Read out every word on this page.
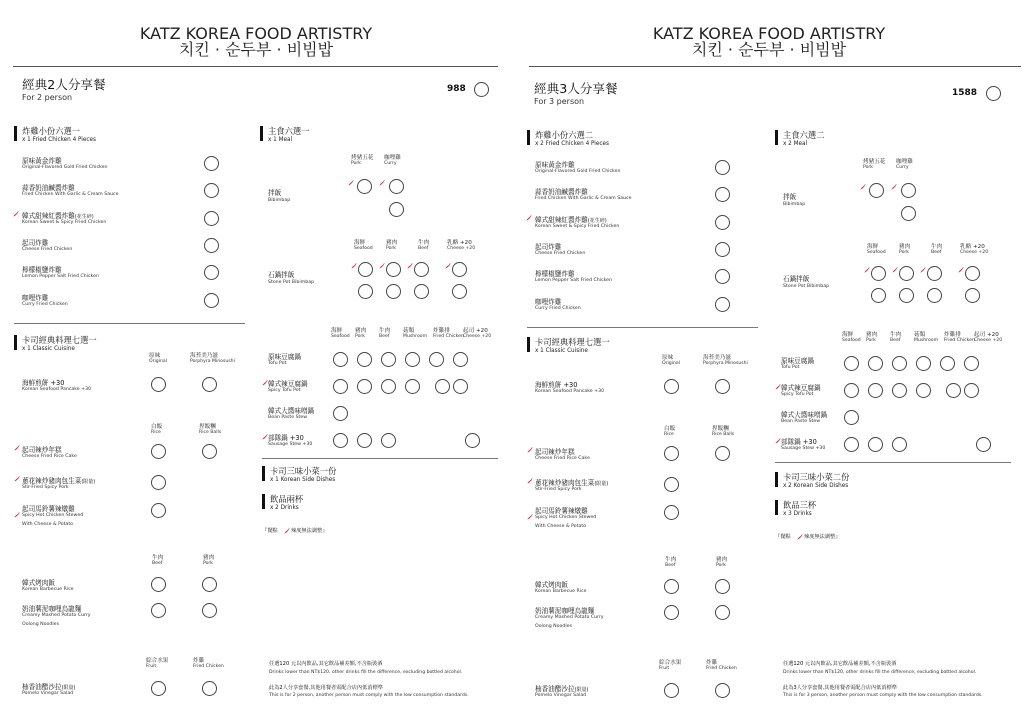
KATZ KOREA FOOD ARTISTRY
치킨 · 순두부 · 비빔밥
經典2人分享餐
For 2 person
988
炸雞小份六選一
x 1 Fried Chicken 4 Pieces
原味黃金炸雞
Original-Flavored Gold Fried Chicken
蒜香奶油鹹醬炸雞
Fried Chicken With Garlic & Cream Sauce
韓式甜辣紅醬炸雞(花生碎)
Korean Sweet & Spicy Fried Chicken
起司炸雞
Cheese Fried Chicken
檸檬椒鹽炸雞
Lemon Pepper Salt Fried Chicken
咖哩炸雞
Curry Fried Chicken
主食六選一
x 1 Meal
烤豬五花
Pork
咖哩雞
Curry
拌飯
Bibimbap
海鮮
Seafood
豬肉
Pork
牛肉
Beef
乳酪 +20
Cheese +20
石鍋拌飯
Stone Pot Bibimbap
海鮮
Seafood
豬肉
Pork
牛肉
Beef
菇類
Mushroom
炸雞排
Fried Chicken
起司 +20
Cheese +20
原味豆腐鍋
Tofu Pot
韓式辣豆腐鍋
Spicy Tofu Pot
韓式大醬味噌鍋
Bean Paste Stew
部隊鍋 +30
Sausage Stew +30
卡司三味小菜一份
x 1 Korean Side Dishes
飲品兩杯
x 2 Drinks
『餐點	辣度無法調整』
卡司經典料理七選一
x 1 Classic Cuisine
原味
Original
海苔美乃滋
Porphyra Minosushi
海鮮煎餅 +30
Korean Seafood Pancake +30
白飯
Rice
捏飯糰
Rice Balls
起司辣炒年糕
Cheese Fried Rice Cake
蔥花辣炒豬肉包生菜(限量)
Stir-Fried Spicy Pork
起司馬鈴薯辣燉雞
Spicy Hot Chicken Stewed
With Cheese & Potato
牛肉
Beef
豬肉
Pork
韓式烤肉飯
Korean Barbecue Rice
奶油薯泥咖哩烏龍麵
Creamy Mashed Potato Curry
Oolong Noodles
綜合水果
Fruit
炸雞
Fried Chicken
柚香油醋沙拉(限量)
Pomelo Vinegar Salad
任選120 元以內飲品,其它飲品補差額,不含瓶裝酒
Drinks lower than NT$120, other drinks fill the difference, excluding bottled alcohol.
此為2人分享套餐,其他用餐者需配合店內低消標準
This is for 2 person, another person must comply with the low consumption standards.
KATZ KOREA FOOD ARTISTRY
치킨 · 순두부 · 비빔밥
經典3人分享餐
For 3 person
1588
炸雞小份六選二
x 2 Fried Chicken 4 Pieces
原味黃金炸雞
Original-Flavored Gold Fried Chicken
蒜香奶油鹹醬炸雞
Fried Chicken With Garlic & Cream Sauce
韓式甜辣紅醬炸雞(花生碎)
Korean Sweet & Spicy Fried Chicken
起司炸雞
Cheese Fried Chicken
檸檬椒鹽炸雞
Lemon Pepper Salt Fried Chicken
咖哩炸雞
Curry Fried Chicken
主食六選二
x 2 Meal
烤豬五花
Pork
咖哩雞
Curry
拌飯
Bibimbap
海鮮
Seafood
豬肉
Pork
牛肉
Beef
乳酪 +20
Cheese +20
石鍋拌飯
Stone Pot Bibimbap
海鮮
Seafood
豬肉
Pork
牛肉
Beef
菇類
Mushroom
炸雞排
Fried Chicken
起司 +20
Cheese +20
原味豆腐鍋
Tofu Pot
韓式辣豆腐鍋
Spicy Tofu Pot
韓式大醬味噌鍋
Bean Paste Stew
部隊鍋 +30
Sausage Stew +30
卡司三味小菜二份
x 2 Korean Side Dishes
飲品三杯
x 3 Drinks
『餐點	辣度無法調整』
卡司經典料理七選一
x 1 Classic Cuisine
原味
Original
海苔美乃滋
Porphyra Minosushi
海鮮煎餅 +30
Korean Seafood Pancake +30
白飯
Rice
捏飯糰
Rice Balls
起司辣炒年糕
Cheese Fried Rice Cake
蔥花辣炒豬肉包生菜(限量)
Stir-Fried Spicy Pork
起司馬鈴薯辣燉雞
Spicy Hot Chicken Stewed
With Cheese & Potato
牛肉
Beef
豬肉
Pork
韓式烤肉飯
Korean Barbecue Rice
奶油薯泥咖哩烏龍麵
Creamy Mashed Potato Curry
Oolong Noodles
綜合水果
Fruit
炸雞
Fried Chicken
柚香油醋沙拉(限量)
Pomelo Vinegar Salad
任選120 元以內飲品,其它飲品補差額,不含瓶裝酒
Drinks lower than NT$120, other drinks fill the difference, excluding bottled alcohol.
此為3人分享套餐,其他用餐者需配合店內低消標準
This is for 3 person, another person must comply with the low consumption standards.
